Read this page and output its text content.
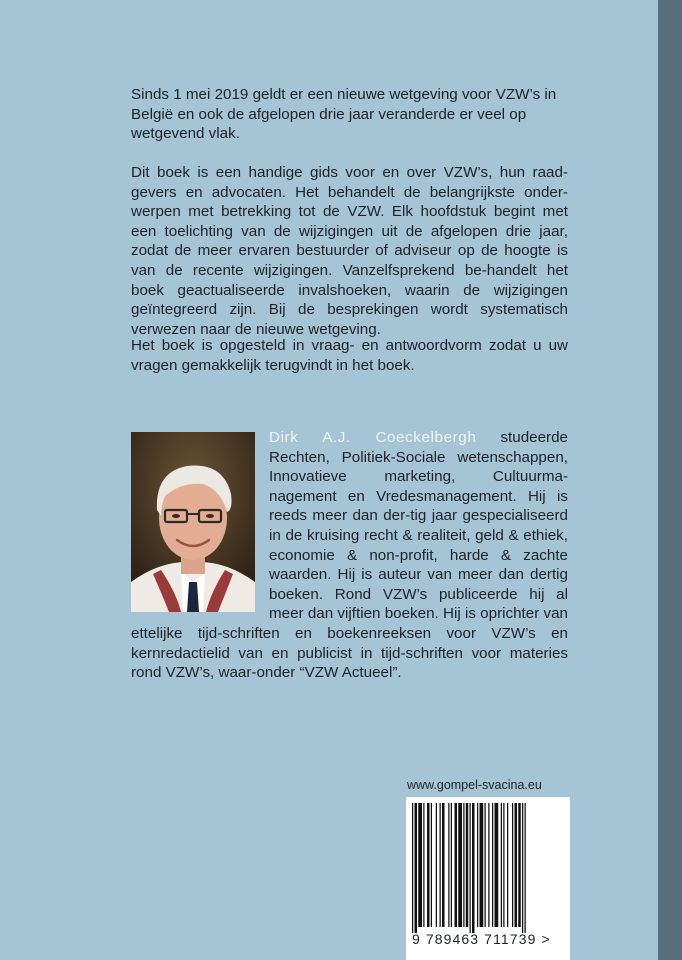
Sinds 1 mei 2019 geldt er een nieuwe wetgeving voor VZW’s in België en ook de afgelopen drie jaar veranderde er veel op wetgevend vlak.

Dit boek is een handige gids voor en over VZW’s, hun raad-gevers en advocaten. Het behandelt de belangrijkste onder-werpen met betrekking tot de VZW. Elk hoofdstuk begint met een toelichting van de wijzigingen uit de afgelopen drie jaar, zodat de meer ervaren bestuurder of adviseur op de hoogte is van de recente wijzigingen. Vanzelfsprekend be-handelt het boek geactualiseerde invalshoeken, waarin de wijzigingen geïntegreerd zijn. Bij de besprekingen wordt systematisch verwezen naar de nieuwe wetgeving.

Het boek is opgesteld in vraag- en antwoordvorm zodat u uw vragen gemakkelijk terugvindt in het boek.

Dirk A.J. Coeckelbergh
studeerde Rechten, Politiek-Sociale wetenschappen, Innovatieve marketing, Cultuurma-nagement en Vredesmanagement. Hij is reeds meer dan der-tig jaar gespecialiseerd in de kruising recht & realiteit, geld & ethiek, economie & non-profit, harde & zachte waarden. Hij is auteur van meer dan dertig boeken. Rond VZW’s publiceerde hij al meer dan vijftien boeken. Hij is oprichter van ettelijke tijd-schriften en boekenreeksen voor VZW’s en kernredactielid van en publicist in tijd-schriften voor materies rond VZW’s, waar-onder “VZW Actueel”.

www.gompel-svacina.eu
9 789463 711739 >
